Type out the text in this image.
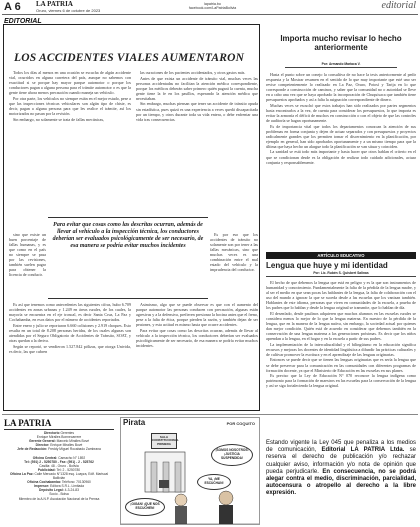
A 6 LA PATRIA
Oruro, viernes 6 de octubre de 2023
lapatria.bo
facebook.com/LaPatriaBolivia	editorial
EDITORIAL
LOS ACCIDENTES VIALES AUMENTARON

Todos los días al menos en una ocasión se escucha de algún accidente vial, ocurridos en alguna carretera del país, aunque no sabemos con exactitud si se porque hay mayor parque automotor o porque los conductores pagan a alguna persona para el trámite automotor o es que la gente tiene ahora menos precaución cuando maneja un vehículo.

Por otra parte, los vehículos no siempre están en el mejor estado, pese a que las inspecciones técnicas vehiculares son algún tipo de chiste, es decir, pagan a alguna persona para que les realice el trámite, así los motorizados no pasan por la revisión.

Sin embargo, no solamente se trata de fallas mecánicas,

las curaciones de los pacientes accidentados, y otros gastos más.

Antes de que exista un accidente de tránsito vial, muchas veces las personas accidentadas no facilitan la atención médica correspondiente, porque los médicos deberán saber primero quién pagará la cuenta, mucha gente tiene la fe en los pasillos, esperando la atención médica que necesitaban.

Sin embargo, muchas piensan que tener un accidente de tránsito opuda sin estadística, pues quizá es una experiencia a veces quedá discapacitada por un tiempo, y otros durante toda su vida entera, o debe enfrentar una vida tras consecuencias.

Para evitar que cosas como las descritas ocurran, además de llevar al vehículo a la inspección técnica, los conductores deberían ser evaluados psicológicamente de ser necesario, de esa manera se podría evitar muchos incidentes

sino que existe un buen porcentaje de fallas humanas, y es que como en el país no siempre se pasa por las revisiones, también suelen pagar para obtener la licencia de conducir.

Es por eso que los accidentes de tránsito no solamente son por tener a las fallas mecánicas, sino que muchas veces es una combinación entre el mal estado del vehículo y la imprudencia del conductor.

Es así que tenemos como antecedentes las siguientes cifras, hubo 6.709 accidentes en zonas urbanas y 1.249 en áreas rurales, de los cuales, la mayoría se encuentra en el eje troncal, es decir Santa Cruz, La Paz y Cochabamba, en esos datos por el número de accidentes reportados.

Entre enero y julio se reportaron 6.660 colisiones y 2.919 choques. Esto resulta en un total de 8.208 personas heridas, de los cuales algunas son atendidas por el Seguro Obligatorio de Accidentes de Tránsito, SOAT, y otras quedan a la deriva.

Según se reportó, se vendieron 1.527.842 pólizas, que otorga Univida, es decir, las que cubren

Asimismo, algo que se puede observar es que con el aumento del parque automotor las personas conducen con precaución, algunas están agresivas y a la defensiva, prefieren presionar la bocina antes que el freno, pese a la falta de ética, porque pierden la razón, y también dejan de ser peatones, y esta actitud es mismo hasta que ocurre accidentes.

Para evitar que cosas como las descritas ocurran, además de llevar al vehículo a la inspección técnica, los conductores deberían ser evaluados psicológicamente de ser necesario, de esa manera se podría evitar muchos incidentes.

Importa mucho revisar lo hecho anteriormente
Por: Armando Mariaca V.

Hasta el punto sobre un conejo la consultiva de no hace la tesis anteriormente al pedir respuesta y la Mostrar resumen en el sentido de lo que muy importante que esté uno ser revise competentemente lo realizado en La Paz, Oruro, Potosí y Tarija en lo que corresponde a construcción de caminos, y saber que la comunidad no o autoridad se lleve en a cabo una vez que se haya aprobado la incorporación de Chuquisaca que también tiene presupuestos aprobados y así a falta la asignación correspondiente de dinero.

Muchas veces se escuchó que estos trabajos han sido realizados por partes segmentos hasta encontrarlos a la vez, de cuenta para considerar los presupuestos, lo que importa es evitar la armonía el déficit de muchos en construcción o con el objeto de que las controles de auditoría se hagan oportunamente.

Es de importancia vital que todos los departamentos conozcan la atención de sus problemas en forma conjunta y dejen de actuar separados y con presupuestos y proyectos radicalmente grandes que los permiten tomar el discernimiento en la planificación, por ejemplo en general, han sido aprobados oportunamente y a un mismo tiempo para que la última que haya hecho un alargue todo la planificación se van situar y coinciden.

La sanidad se está todo más importante y hasta hacer que otros hablan el criterio en el que se condicionan desde es la obligación de realizar todo cuidado adicionales, actuar conjunta y responsablemente.

ARTÍCULO EDUCATIVO
Lengua que huye y mi identidad
Por: Lic. Rubén S. Quisbert Salinas

El hecho de que debemos la lengua que está en peligro y es la que son instrumentos de humanidad y conocimiento. Fundamentalmente la falta de la pérdida de la lengua madre, y al ser el medio en que sean pocas las hablantes de la lengua, la falta de colaboración con el uso del mundo a ignorar la que se suceda desde a las escuelas que los vanizan también. Hablantes de este idioma, personas que viven en comunidades de la escuela, a prueba de los padres que lo hablan y desde la lengua original se transmite, que lo hablan de día.

El desenfado, desde paulinos adquieren que muchos alumnos en las escuelas rurales se considera menos lo mejor de lo que la lengua materna. En nuestro de la pérdida de la lengua, que en la manera de la lengua nativa, sin embargo, la sociedad actual por quienes dan mejor condición. Quién está de acuerdo en considerar que debemos también en la conservación de una lengua materna a las generaciones próximas. Es decir que los niños aprendan a la lengua, en el hogar y en la escuela a partir de sus padres.

La implementación de la interculturalidad y el bilingüismo en la educación significa recursos y mejoras los docentes de identidad lingüística a difundir las prácticas culturales y de cultivar promover la escritura y en el aprendizaje de las lenguas originarias.

Entonces se puede decir que se tienen las lenguas originarias que es sería la lengua que se debe preservar para la comunicación en las comunidades con diferentes programas de formación docente, ya que el Ministerio de Educación en las escuelas en sus planes.

Es preciso que la Ley de Educación N° 070 reconoce la lengua indígena como patrimonio para la formación de maestros en las escuelas para la conservación de la lengua y así se siga fortaleciendo la lengua original.

LA PATRIA
Directorio Gerentes
Enrique Miralles Bonnecarrere
Gerente General: Marcelo Miralles Bové
Director: Enrique Miralles Bové
Jefe de Redacción: Freddy Miguel Rocabado Zambrana

Oficina Central: Camacho N° 1892
Tel: (591) 2 - 5250780 - Fax: (591) - 2 - 525762
Casilla: 48 - Oruro - Bolivia
Publicidad: Tel: 2 - 5250780
Oficina La Paz: Calle Mercado N°1328 esq. Loayza, Edif. Mariscal Ballivián
Oficina Cochabamba: Teléfono: 70130960
Impresor: Editora S.R.L. Limitada
Depósito Legal: 4-3-24-83
Socio - Bolsa
Miembro de la A.N.P. Asociación Nacional de la Prensa
Pirata	POR COQUITO
SALA CONSTITUCIONAL PRIMERA
¡SOMOS NOSOTROS! ¡JUSTICIA SUSPENDIDA!
¡OIGAN! ¡QUE NOS ESCUCHEN!
YA, ¡ME ESCUCHAN!
Estando vigente la Ley 045 que penaliza a los medios de comunicación, Editorial LA PATRIA Ltda. se reserva el derecho de publicación y/o rechazar cualquier aviso, información y/o nota de opinión que pueda perjudicarle. En consecuencia, no se podrá alegar contra el medio, discriminación, parcialidad, autocensura o atropello al derecho a la libre expresión.
